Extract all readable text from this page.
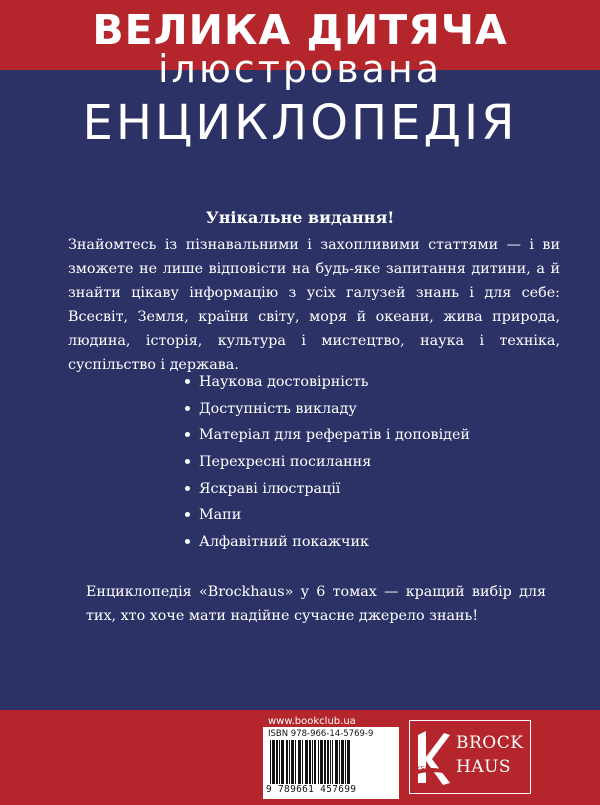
ВЕЛИКА ДИТЯЧА
ілюстрована
ЕНЦИКЛОПЕДІЯ
Унікальне видання!
Знайомтесь із пізнавальними і захопливими статтями — і ви зможете не лише відповісти на будь-яке запитання дитини, а й знайти цікаву інформацію з усіх галузей знань і для себе: Всесвіт, Земля, країни світу, моря й океани, жива природа, людина, історія, культура і мистецтво, наука і техніка, суспільство і держава.
Наукова достовірність
Доступність викладу
Матеріал для рефератів і доповідей
Перехресні посилання
Яскраві ілюстрації
Мапи
Алфавітний покажчик
Енциклопедія «Brockhaus» у 6 томах — кращий вибір для тих, хто хоче мати надійне сучасне джерело знань!
www.bookclub.ua
ISBN 978-966-14-5769-9
9 789661 457699
KSD
BROCK
HAUS
